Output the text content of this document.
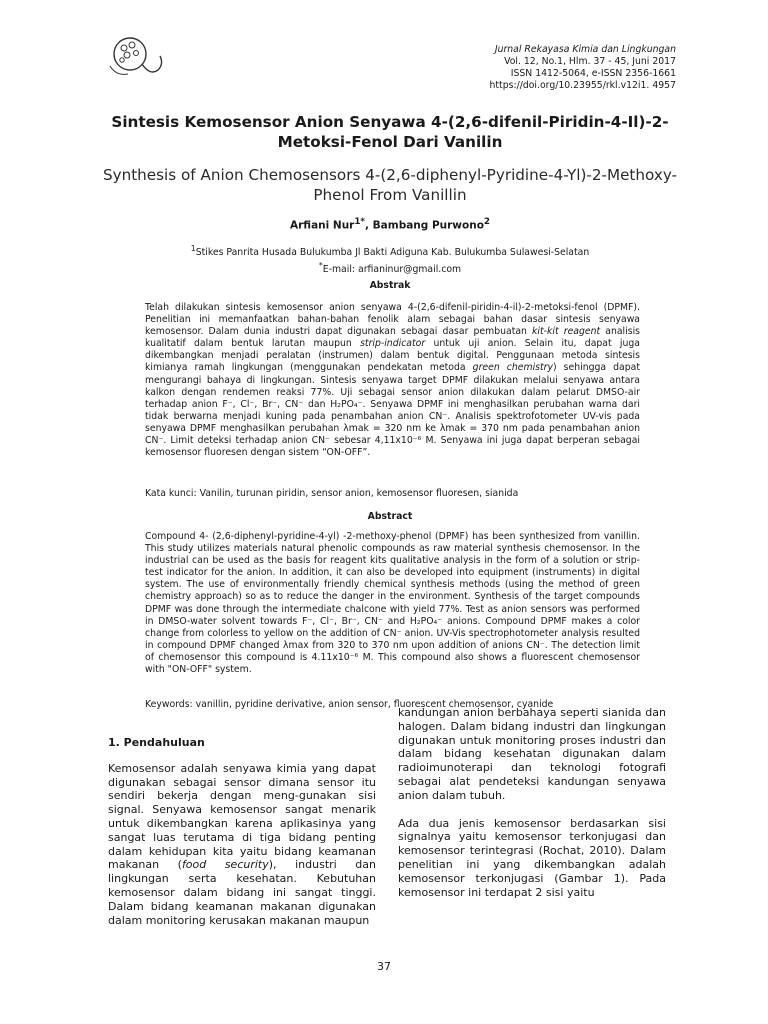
Jurnal Rekayasa Kimia dan Lingkungan
Vol. 12, No.1, Hlm. 37 - 45, Juni 2017
ISSN 1412-5064, e-ISSN 2356-1661
https://doi.org/10.23955/rkl.v12i1. 4957
Sintesis Kemosensor Anion Senyawa 4-(2,6-difenil-Piridin-4-Il)-2-Metoksi-Fenol Dari Vanilin
Synthesis of Anion Chemosensors 4-(2,6-diphenyl-Pyridine-4-Yl)-2-Methoxy-Phenol From Vanillin
Arfiani Nur$^{1*}$, Bambang Purwono$^2$
$^1$Stikes Panrita Husada Bulukumba Jl Bakti Adiguna Kab. Bulukumba Sulawesi-Selatan
*E-mail: arfianinur@gmail.com
Abstrak
Telah dilakukan sintesis kemosensor anion senyawa 4-(2,6-difenil-piridin-4-il)-2-metoksi-fenol (DPMF). Penelitian ini memanfaatkan bahan-bahan fenolik alam sebagai bahan dasar sintesis senyawa kemosensor. Dalam dunia industri dapat digunakan sebagai dasar pembuatan kit-kit reagent analisis kualitatif dalam bentuk larutan maupun strip-indicator untuk uji anion. Selain itu, dapat juga dikembangkan menjadi peralatan (instrumen) dalam bentuk digital. Penggunaan metoda sintesis kimianya ramah lingkungan (menggunakan pendekatan metoda green chemistry) sehingga dapat mengurangi bahaya di lingkungan. Sintesis senyawa target DPMF dilakukan melalui senyawa antara kalkon dengan rendemen reaksi 77%. Uji sebagai sensor anion dilakukan dalam pelarut DMSO-air terhadap anion F⁻, Cl⁻, Br⁻, CN⁻ dan H₂PO₄⁻. Senyawa DPMF ini menghasilkan perubahan warna dari tidak berwarna menjadi kuning pada penambahan anion CN⁻. Analisis spektrofotometer UV-vis pada senyawa DPMF menghasilkan perubahan λmak = 320 nm ke λmak = 370 nm pada penambahan anion CN⁻. Limit deteksi terhadap anion CN⁻ sebesar 4,11x10⁻⁶ M. Senyawa ini juga dapat berperan sebagai kemosensor fluoresen dengan sistem “ON-OFF”.
Kata kunci: Vanilin, turunan piridin, sensor anion, kemosensor fluoresen, sianida
Abstract
Compound 4- (2,6-diphenyl-pyridine-4-yl) -2-methoxy-phenol (DPMF) has been synthesized from vanillin. This study utilizes materials natural phenolic compounds as raw material synthesis chemosensor. In the industrial can be used as the basis for reagent kits qualitative analysis in the form of a solution or strip-test indicator for the anion. In addition, it can also be developed into equipment (instruments) in digital system. The use of environmentally friendly chemical synthesis methods (using the method of green chemistry approach) so as to reduce the danger in the environment. Synthesis of the target compounds DPMF was done through the intermediate chalcone with yield 77%. Test as anion sensors was performed in DMSO-water solvent towards F⁻, Cl⁻, Br⁻, CN⁻ and H₂PO₄⁻ anions. Compound DPMF makes a color change from colorless to yellow on the addition of CN⁻ anion. UV-Vis spectrophotometer analysis resulted in compound DPMF changed λmax from 320 to 370 nm upon addition of anions CN⁻. The detection limit of chemosensor this compound is 4.11x10⁻⁶ M. This compound also shows a fluorescent chemosensor with "ON-OFF" system.
Keywords: vanillin, pyridine derivative, anion sensor, fluorescent chemosensor, cyanide
1. Pendahuluan

Kemosensor adalah senyawa kimia yang dapat digunakan sebagai sensor dimana sensor itu sendiri bekerja dengan meng-gunakan sisi signal. Senyawa kemosensor sangat menarik untuk dikembangkan karena aplikasinya yang sangat luas terutama di tiga bidang penting dalam kehidupan kita yaitu bidang keamanan makanan (food security), industri dan lingkungan serta kesehatan. Kebutuhan kemosensor dalam bidang ini sangat tinggi. Dalam bidang keamanan makanan digunakan dalam monitoring kerusakan makanan maupun

kandungan anion berbahaya seperti sianida dan halogen. Dalam bidang industri dan lingkungan digunakan untuk monitoring proses industri dan dalam bidang kesehatan digunakan dalam radioimunoterapi dan teknologi fotografi sebagai alat pendeteksi kandungan senyawa anion dalam tubuh.

Ada dua jenis kemosensor berdasarkan sisi signalnya yaitu kemosensor terkonjugasi dan kemosensor terintegrasi (Rochat, 2010). Dalam penelitian ini yang dikembangkan adalah kemosensor terkonjugasi (Gambar 1). Pada kemosensor ini terdapat 2 sisi yaitu

37
